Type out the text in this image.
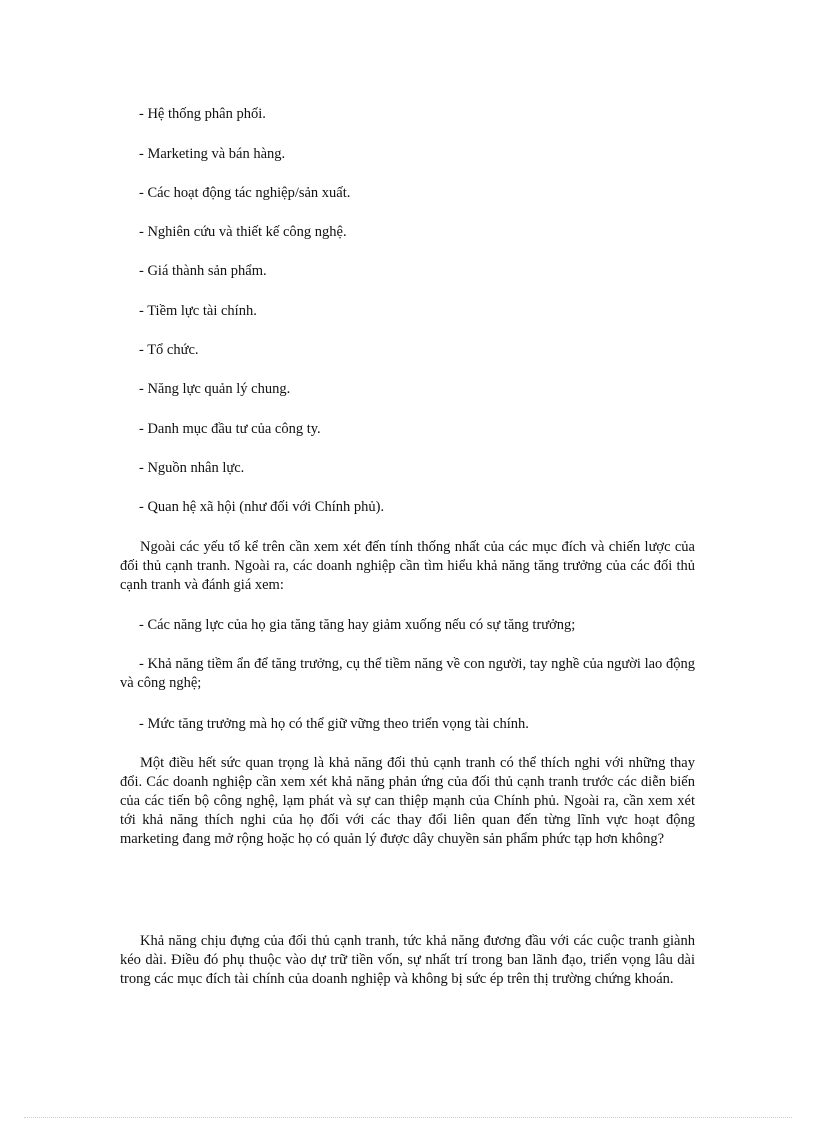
- Hệ thống phân phối.
- Marketing và bán hàng.
- Các hoạt động tác nghiệp/sản xuất.
- Nghiên cứu và thiết kế công nghệ.
- Giá thành sản phẩm.
- Tiềm lực tài chính.
- Tổ chức.
- Năng lực quản lý chung.
- Danh mục đầu tư của công ty.
- Nguồn nhân lực.
- Quan hệ xã hội (như đối với Chính phủ).
Ngoài các yếu tố kể trên cần xem xét đến tính thống nhất của các mục đích và chiến lược của đối thủ cạnh tranh. Ngoài ra, các doanh nghiệp cần tìm hiểu khả năng tăng trưởng của các đối thủ cạnh tranh và đánh giá xem:
- Các năng lực của họ gia tăng tăng hay giảm xuống nếu có sự tăng trưởng;
- Khả năng tiềm ẩn để tăng trưởng, cụ thể tiềm năng về con người, tay nghề của người lao động và công nghệ;
- Mức tăng trưởng mà họ có thể giữ vững theo triển vọng tài chính.
Một điều hết sức quan trọng là khả năng đối thủ cạnh tranh có thể thích nghi với những thay đổi. Các doanh nghiệp cần xem xét khả năng phản ứng của đối thủ cạnh tranh trước các diễn biến của các tiến bộ công nghệ, lạm phát và sự can thiệp mạnh của Chính phủ. Ngoài ra, cần xem xét tới khả năng thích nghi của họ đối với các thay đổi liên quan đến từng lĩnh vực hoạt động marketing đang mở rộng hoặc họ có quản lý được dây chuyền sản phẩm phức tạp hơn không?
Khả năng chịu đựng của đối thủ cạnh tranh, tức khả năng đương đầu với các cuộc tranh giành kéo dài. Điều đó phụ thuộc vào dự trữ tiền vốn, sự nhất trí trong ban lãnh đạo, triển vọng lâu dài trong các mục đích tài chính của doanh nghiệp và không bị sức ép trên thị trường chứng khoán.
